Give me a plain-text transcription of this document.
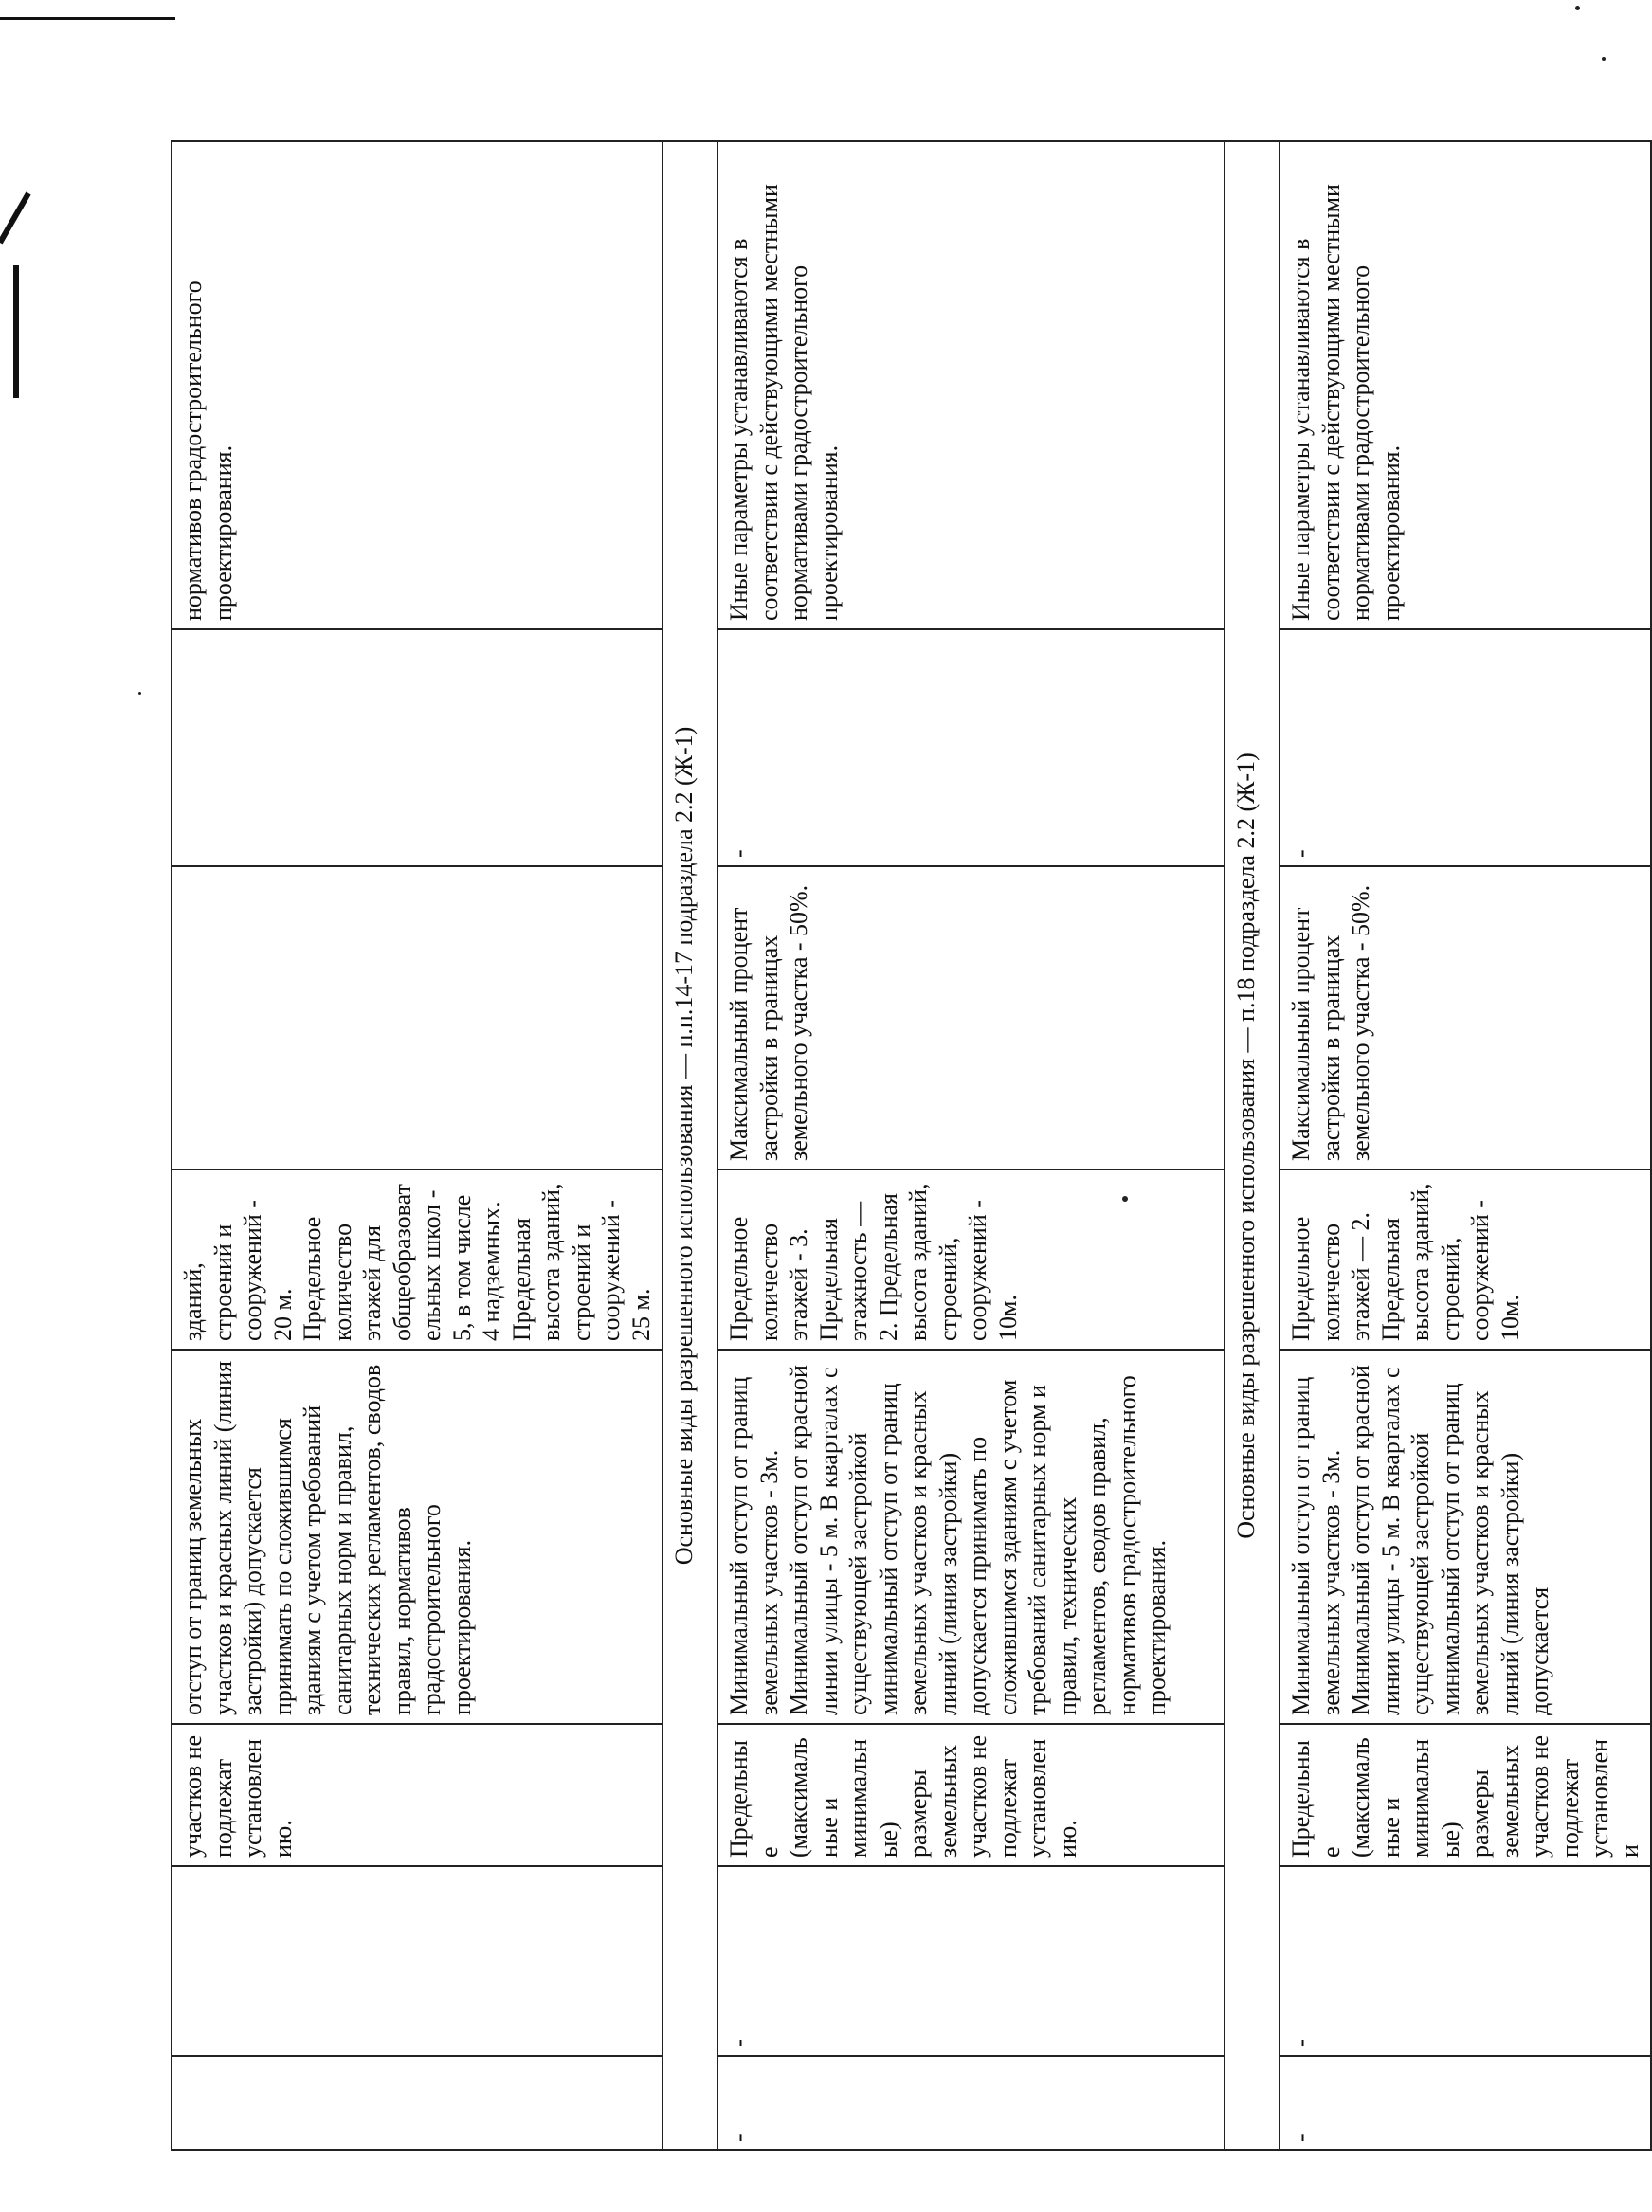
		участков не подлежат установлению.	отступ от границ земельных участков и красных линий (линия застройки) допускается принимать по сложившимся зданиям с учетом требований санитарных норм и правил, технических регламентов, сводов правил, нормативов градостроительного проектирования.	зданий, строений и сооружений - 20 м. Предельное количество этажей для общеобразовательных школ - 5, в том числе 4 надземных. Предельная высота зданий, строений и сооружений - 25 м.			нормативов градостроительного проектирования.
Основные виды разрешенного использования — п.п.14-17 подраздела 2.2 (Ж-1)							
-	-	Предельные (максимальные и минимальные) размеры земельных участков не подлежат установлению.	Минимальный отступ от границ земельных участков - 3м. Минимальный отступ от красной линии улицы - 5 м. В кварталах с существующей застройкой минимальный отступ от границ земельных участков и красных линий (линия застройки) допускается принимать по сложившимся зданиям с учетом требований санитарных норм и правил, технических регламентов, сводов правил, нормативов градостроительного проектирования.	Предельное количество этажей - 3. Предельная этажность — 2. Предельная высота зданий, строений, сооружений - 10м.	Максимальный процент застройки в границах земельного участка - 50%.	-	Иные параметры устанавливаются в соответствии с действующими местными нормативами градостроительного проектирования.
Основные виды разрешенного использования — п.18 подраздела 2.2 (Ж-1)							
-	-	Предельные (максимальные и минимальные) размеры земельных участков не подлежат установлени	Минимальный отступ от границ земельных участков - 3м. Минимальный отступ от красной линии улицы - 5 м. В кварталах с существующей застройкой минимальный отступ от границ земельных участков и красных линий (линия застройки) допускается	Предельное количество этажей — 2. Предельная высота зданий, строений, сооружений - 10м.	Максимальный процент застройки в границах земельного участка - 50%.	-	Иные параметры устанавливаются в соответствии с действующими местными нормативами градостроительного проектирования.
